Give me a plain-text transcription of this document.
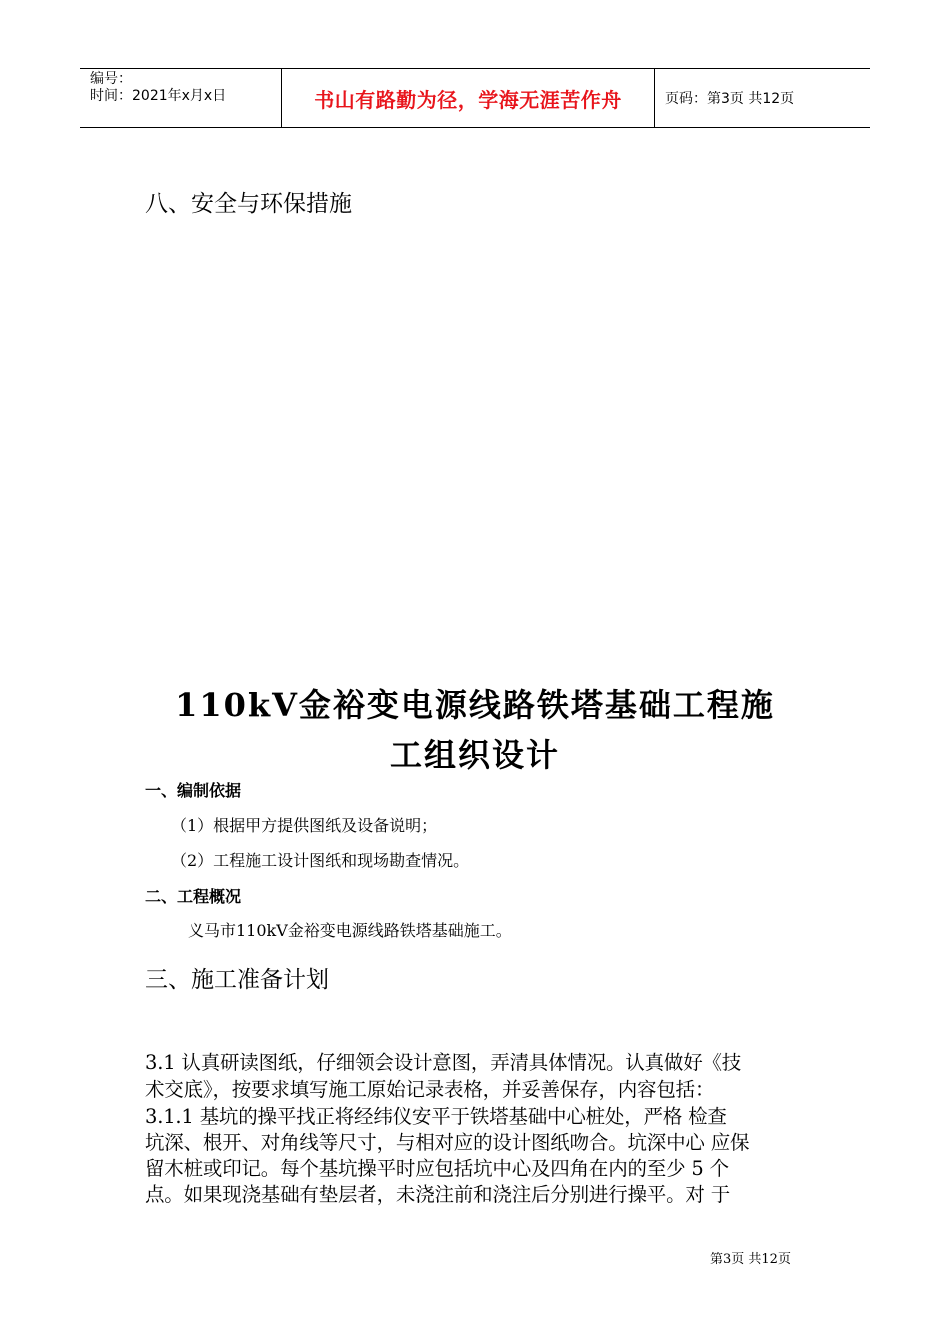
编号：
时间：2021年x月x日	书山有路勤为径，学海无涯苦作舟	页码：第3页 共12页
八、安全与环保措施
110kV金裕变电源线路铁塔基础工程施
工组织设计
一、编制依据
（1）根据甲方提供图纸及设备说明；
（2）工程施工设计图纸和现场勘查情况。
二、工程概况
义马市110kV金裕变电源线路铁塔基础施工。
三、施工准备计划
3.1 认真研读图纸，仔细领会设计意图，弄清具体情况。认真做好《技
术交底》，按要求填写施工原始记录表格，并妥善保存，内容包括：
3.1.1 基坑的操平找正将经纬仪安平于铁塔基础中心桩处，严格 检查
坑深、根开、对角线等尺寸，与相对应的设计图纸吻合。坑深中心 应保
留木桩或印记。每个基坑操平时应包括坑中心及四角在内的至少 5 个
点。如果现浇基础有垫层者，未浇注前和浇注后分别进行操平。对 于
第3页 共12页
